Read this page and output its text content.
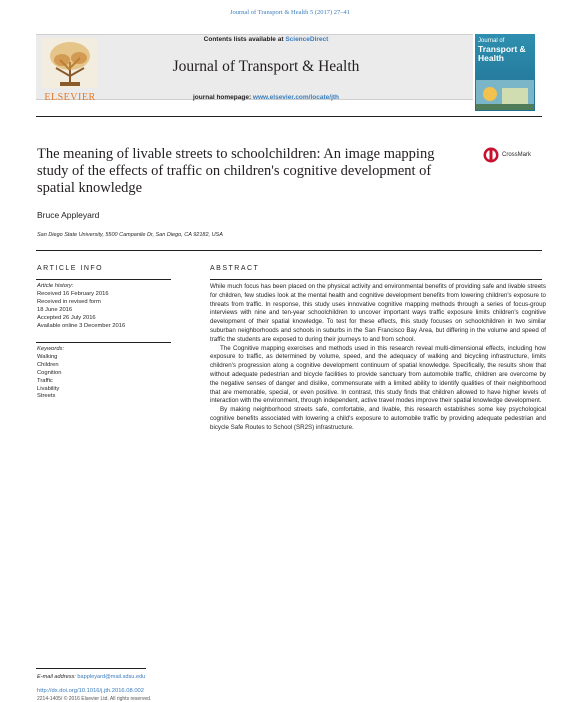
Journal of Transport & Health 5 (2017) 27–41
ELSEVIER
Contents lists available at ScienceDirect
Journal of Transport & Health
journal homepage: www.elsevier.com/locate/jth
Journal of
Transport & Health
The meaning of livable streets to schoolchildren: An image mapping study of the effects of traffic on children's cognitive development of spatial knowledge
CrossMark
Bruce Appleyard
San Diego State University, 5500 Campanile Dr, San Diego, CA 92182, USA
ARTICLE INFO	ABSTRACT
Article history:
Received 16 February 2016
Received in revised form
18 June 2016
Accepted 26 July 2016
Available online 3 December 2016
Keywords:
Walking
Children
Cognition
Traffic
Livability
Streets

While much focus has been placed on the physical activity and environmental benefits of providing safe and livable streets for children, few studies look at the mental health and cognitive development benefits from lowering children's exposure to threats from traffic. In response, this study uses innovative cognitive mapping methods through a series of focus-group interviews with nine and ten-year schoolchildren to uncover important ways traffic exposure limits children's cognitive development of their spatial knowledge. To test for these effects, this study focuses on schoolchildren in two similar suburban neighborhoods and schools in suburbs in the San Francisco Bay Area, but differing in the volume and speed of traffic the students are exposed to during their journeys to and from school.

The Cognitive mapping exercises and methods used in this research reveal multi-dimensional effects, including how exposure to traffic, as determined by volume, speed, and the adequacy of walking and bicycling infrastructure, limits children's progression along a cognitive development continuum of spatial knowledge. Specifically, the results show that without adequate pedestrian and bicycle facilities to provide sanctuary from automobile traffic, children are overcome by the negative senses of danger and dislike, commensurate with a limited ability to identify qualities of their neighborhood that are memorable, special, or even positive. In contrast, this study finds that children allowed to have higher levels of interaction with the environment, through independent, active travel modes improve their spatial knowledge development.

By making neighborhood streets safe, comfortable, and livable, this research establishes some key psychological cognitive benefits associated with lowering a child's exposure to automobile traffic by providing adequate pedestrian and bicycle Safe Routes to School (SR2S) infrastructure.

E-mail address: bappleyard@mail.sdsu.edu
http://dx.doi.org/10.1016/j.jth.2016.08.002
2214-1405/ © 2016 Elsevier Ltd. All rights reserved.
